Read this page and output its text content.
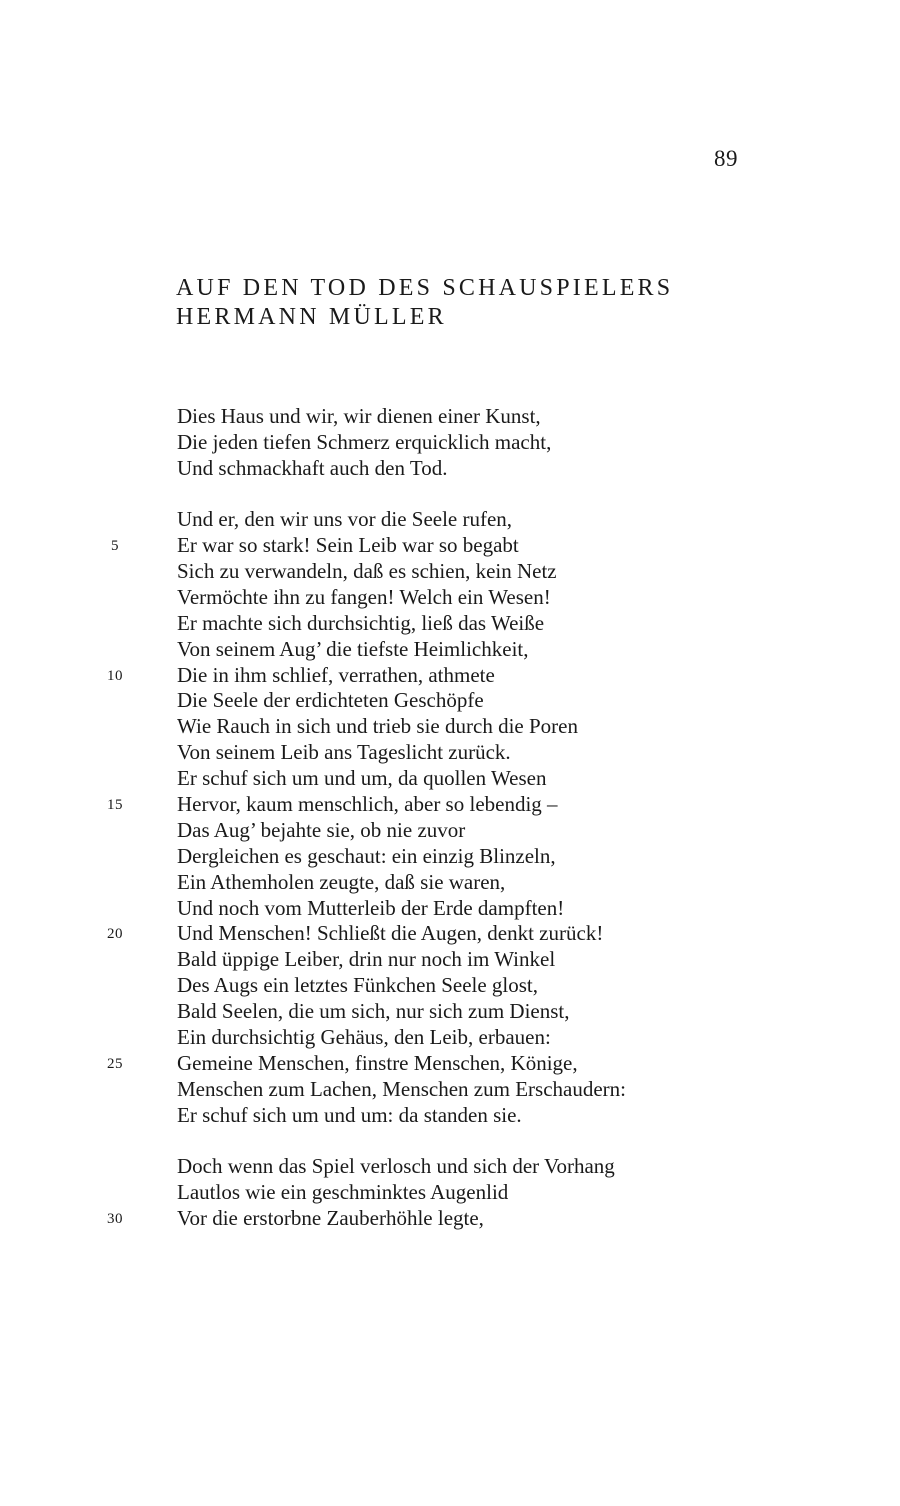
89
AUF DEN TOD DES SCHAUSPIELERS
HERMANN MÜLLER
Dies Haus und wir, wir dienen einer Kunst,
Die jeden tiefen Schmerz erquicklich macht,
Und schmackhaft auch den Tod.
Und er, den wir uns vor die Seele rufen,
5	Er war so stark! Sein Leib war so begabt
Sich zu verwandeln, daß es schien, kein Netz
Vermöchte ihn zu fangen! Welch ein Wesen!
Er machte sich durchsichtig, ließ das Weiße
Von seinem Aug’ die tiefste Heimlichkeit,
10	Die in ihm schlief, verrathen, athmete
Die Seele der erdichteten Geschöpfe
Wie Rauch in sich und trieb sie durch die Poren
Von seinem Leib ans Tageslicht zurück.
Er schuf sich um und um, da quollen Wesen
15	Hervor, kaum menschlich, aber so lebendig –
Das Aug’ bejahte sie, ob nie zuvor
Dergleichen es geschaut: ein einzig Blinzeln,
Ein Athemholen zeugte, daß sie waren,
Und noch vom Mutterleib der Erde dampften!
20	Und Menschen! Schließt die Augen, denkt zurück!
Bald üppige Leiber, drin nur noch im Winkel
Des Augs ein letztes Fünkchen Seele glost,
Bald Seelen, die um sich, nur sich zum Dienst,
Ein durchsichtig Gehäus, den Leib, erbauen:
25	Gemeine Menschen, finstre Menschen, Könige,
Menschen zum Lachen, Menschen zum Erschaudern:
Er schuf sich um und um: da standen sie.
Doch wenn das Spiel verlosch und sich der Vorhang
Lautlos wie ein geschminktes Augenlid
30	Vor die erstorbne Zauberhöhle legte,
